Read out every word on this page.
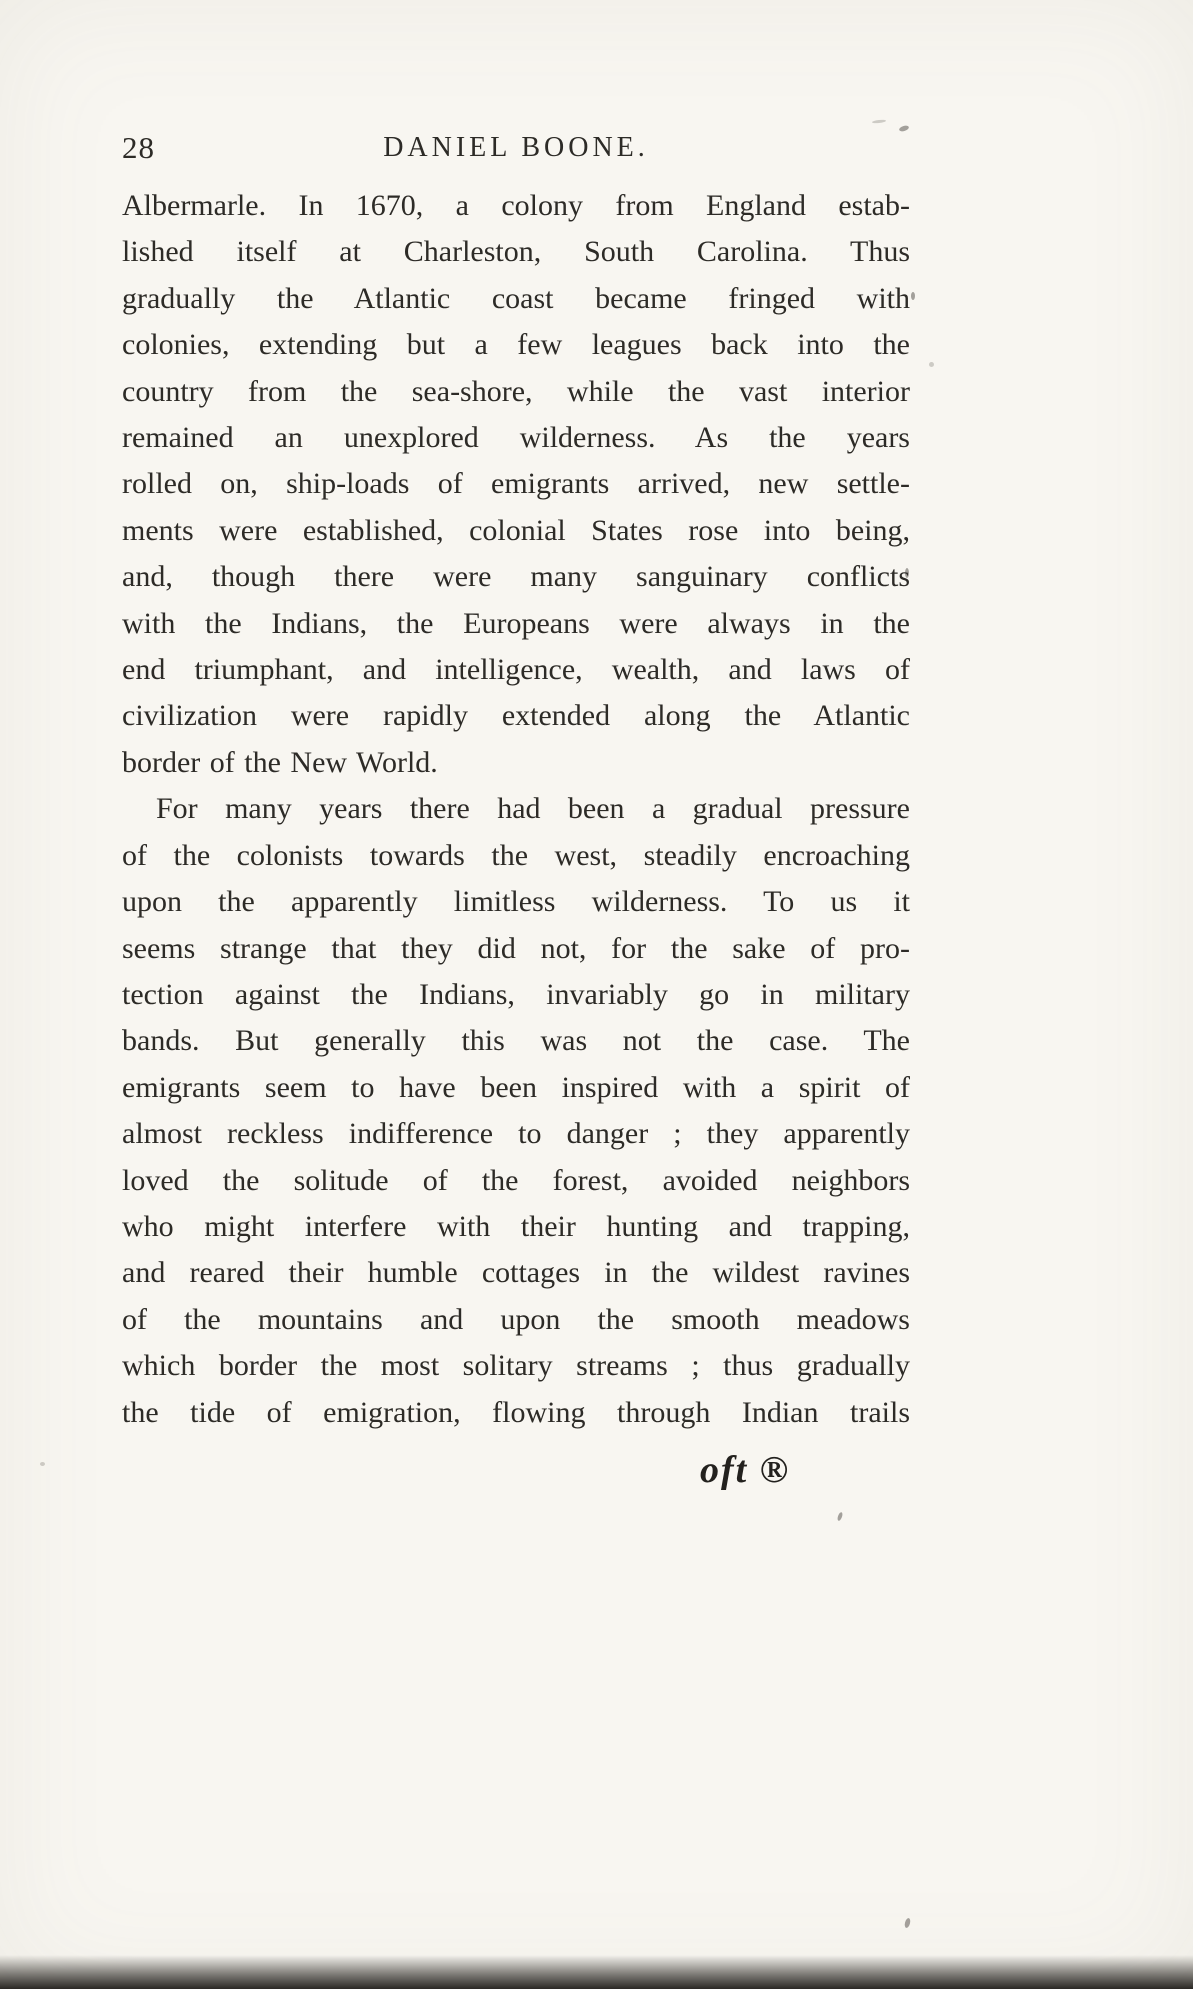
28	DANIEL BOONE.
Albermarle. In 1670, a colony from England estab-
lished itself at Charleston, South Carolina. Thus
gradually the Atlantic coast became fringed with
colonies, extending but a few leagues back into the
country from the sea-shore, while the vast interior
remained an unexplored wilderness. As the years
rolled on, ship-loads of emigrants arrived, new settle-
ments were established, colonial States rose into being,
and, though there were many sanguinary conflicts
with the Indians, the Europeans were always in the
end triumphant, and intelligence, wealth, and laws of
civilization were rapidly extended along the Atlantic
border of the New World.
For many years there had been a gradual pressure
of the colonists towards the west, steadily encroaching
upon the apparently limitless wilderness. To us it
seems strange that they did not, for the sake of pro-
tection against the Indians, invariably go in military
bands. But generally this was not the case. The
emigrants seem to have been inspired with a spirit of
almost reckless indifference to danger ; they apparently
loved the solitude of the forest, avoided neighbors
who might interfere with their hunting and trapping,
and reared their humble cottages in the wildest ravines
of the mountains and upon the smooth meadows
which border the most solitary streams ; thus gradually
the tide of emigration, flowing through Indian trails
oft ®
